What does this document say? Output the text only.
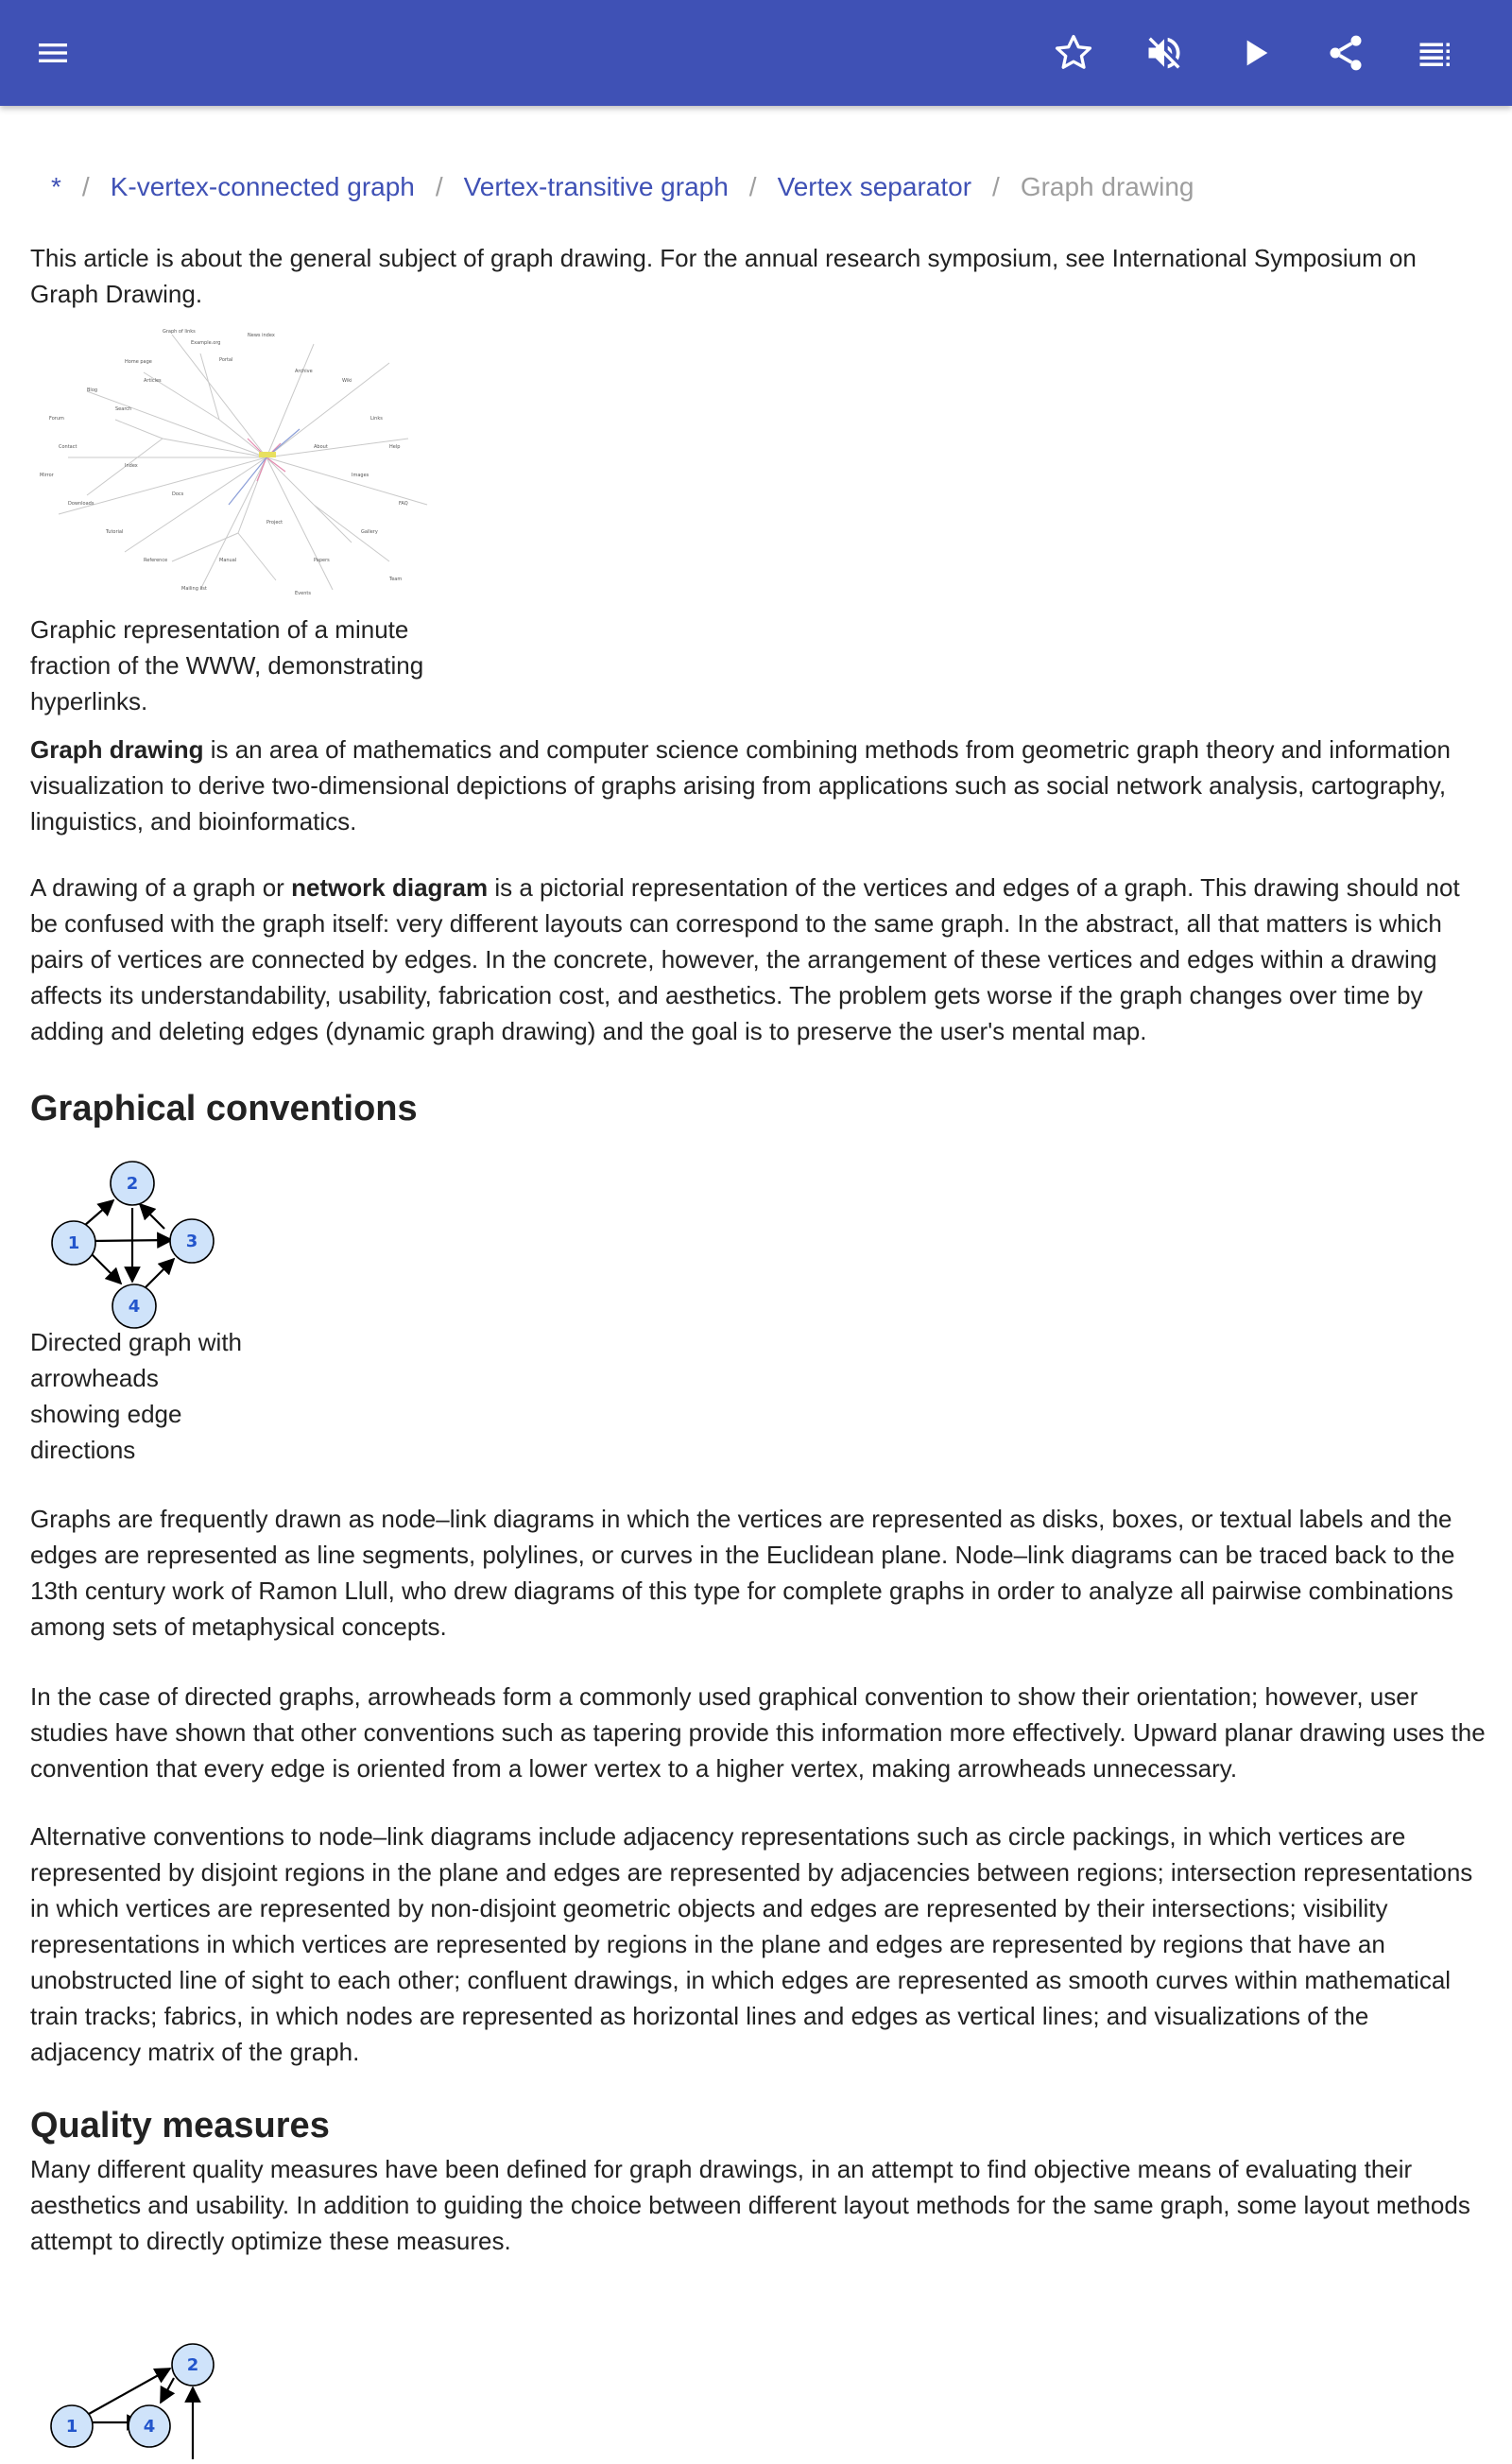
* / K-vertex-connected graph / Vertex-transitive graph / Vertex separator / Graph drawing

This article is about the general subject of graph drawing. For the annual research symposium, see International Symposium on Graph Drawing.

Graph of links
Example.org
News index
Home page	Portal
Archive
Blog
Articles	Wiki
Forum
Search
Links
Contact	About	Help
Mirror
Index
Images
Downloads
Docs
FAQ
Tutorial
Project
Gallery
Reference	Manual	Papers
Mailing list
Events
Team

Graphic representation of a minute fraction of the WWW, demonstrating hyperlinks.

Graph drawing is an area of mathematics and computer science combining methods from geometric graph theory and information visualization to derive two-dimensional depictions of graphs arising from applications such as social network analysis, cartography, linguistics, and bioinformatics.

A drawing of a graph or network diagram is a pictorial representation of the vertices and edges of a graph. This drawing should not be confused with the graph itself: very different layouts can correspond to the same graph. In the abstract, all that matters is which pairs of vertices are connected by edges. In the concrete, however, the arrangement of these vertices and edges within a drawing affects its understandability, usability, fabrication cost, and aesthetics. The problem gets worse if the graph changes over time by adding and deleting edges (dynamic graph drawing) and the goal is to preserve the user's mental map.

Graphical conventions
1
2
3
4

Directed graph with arrowheads showing edge directions

Graphs are frequently drawn as node–link diagrams in which the vertices are represented as disks, boxes, or textual labels and the edges are represented as line segments, polylines, or curves in the Euclidean plane. Node–link diagrams can be traced back to the 13th century work of Ramon Llull, who drew diagrams of this type for complete graphs in order to analyze all pairwise combinations among sets of metaphysical concepts.

In the case of directed graphs, arrowheads form a commonly used graphical convention to show their orientation; however, user studies have shown that other conventions such as tapering provide this information more effectively. Upward planar drawing uses the convention that every edge is oriented from a lower vertex to a higher vertex, making arrowheads unnecessary.

Alternative conventions to node–link diagrams include adjacency representations such as circle packings, in which vertices are represented by disjoint regions in the plane and edges are represented by adjacencies between regions; intersection representations in which vertices are represented by non-disjoint geometric objects and edges are represented by their intersections; visibility representations in which vertices are represented by regions in the plane and edges are represented by regions that have an unobstructed line of sight to each other; confluent drawings, in which edges are represented as smooth curves within mathematical train tracks; fabrics, in which nodes are represented as horizontal lines and edges as vertical lines; and visualizations of the adjacency matrix of the graph.

Quality measures

Many different quality measures have been defined for graph drawings, in an attempt to find objective means of evaluating their aesthetics and usability. In addition to guiding the choice between different layout methods for the same graph, some layout methods attempt to directly optimize these measures.

1
2
4
